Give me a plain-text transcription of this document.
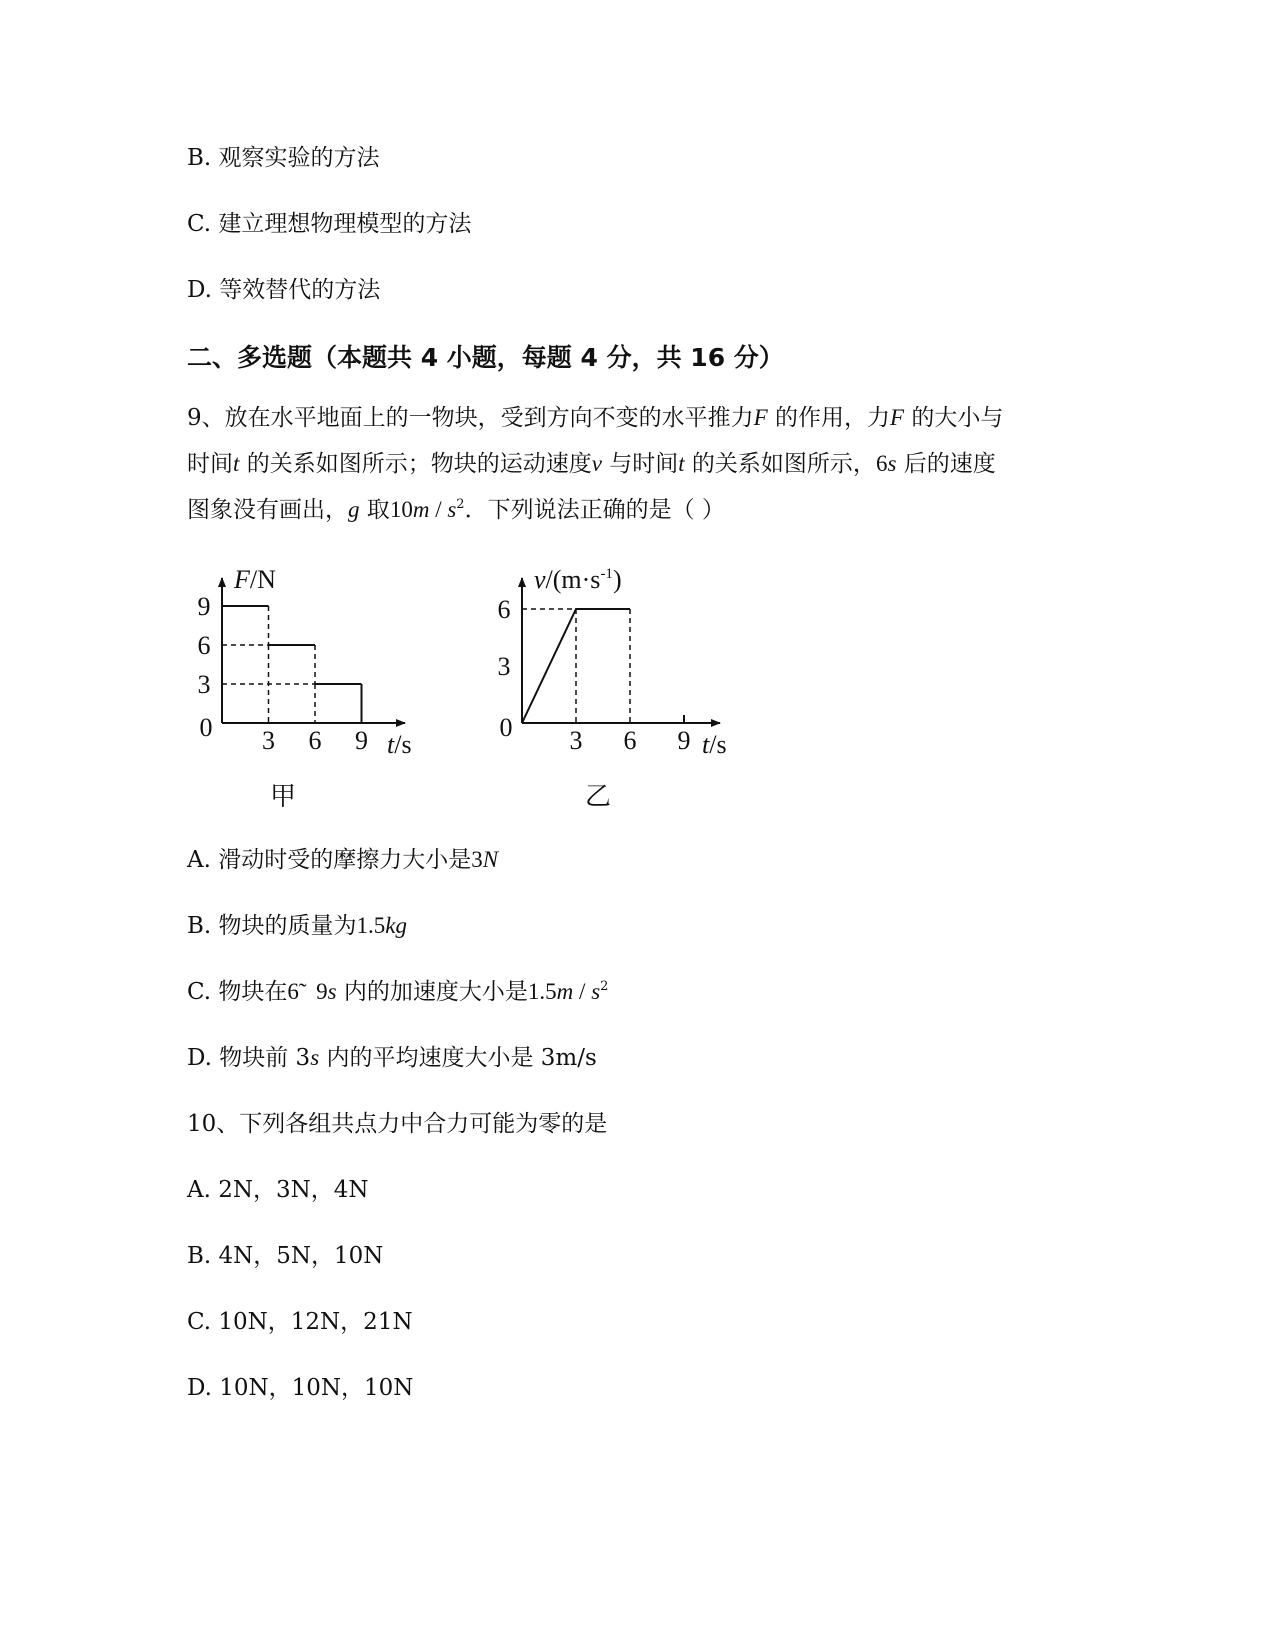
B. 观察实验的方法
C. 建立理想物理模型的方法
D. 等效替代的方法
二、多选题（本题共 4 小题，每题 4 分，共 16 分）
9、放在水平地面上的一物块，受到方向不变的水平推力F 的作用，力F 的大小与
时间t 的关系如图所示；物块的运动速度v 与时间t 的关系如图所示，6s 后的速度
图象没有画出，g 取$10m / s^2$．下列说法正确的是（ ）
0 3 6 9
3
6
9
t/s
F/N
甲
0 3 6 9
3
6
t/s
$v/(m\cdot s^{-1})$
乙
A. 滑动时受的摩擦力大小是3N
B. 物块的质量为1.5kg
C. 物块在6̃ 9s 内的加速度大小是$1.5m / s^2$
D. 物块前 3s 内的平均速度大小是 3m/s
10、下列各组共点力中合力可能为零的是
A. 2N，3N，4N
B. 4N，5N，10N
C. 10N，12N，21N
D. 10N，10N，10N
